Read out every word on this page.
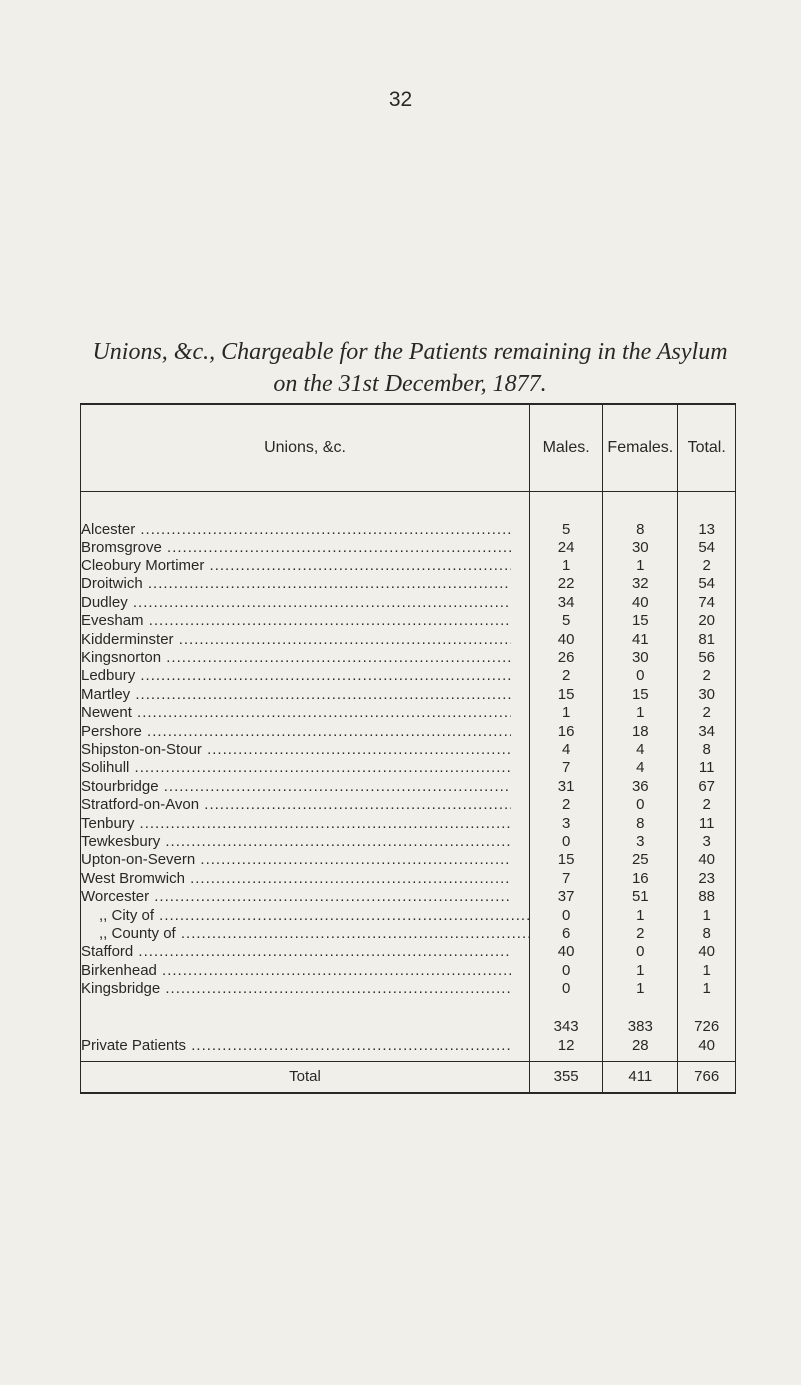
32
Unions, &c., Chargeable for the Patients remaining in the Asylum
on the 31st December, 1877.
Unions, &c.	Males.	Females.	Total.

Alcester .....	5	8	13

Bromsgrove .....	24	30	54

Cleobury Mortimer .....	1	1	2

Droitwich .....	22	32	54

Dudley .....	34	40	74

Evesham .....	5	15	20

Kidderminster .....	40	41	81

Kingsnorton .....	26	30	56

Ledbury .....	2	0	2

Martley .....	15	15	30

Newent .....	1	1	2

Pershore .....	16	18	34

Shipston-on-Stour .....	4	4	8

Solihull .....	7	4	11

Stourbridge .....	31	36	67

Stratford-on-Avon .....	2	0	2

Tenbury .....	3	8	11

Tewkesbury .....	0	3	3

Upton-on-Severn .....	15	25	40

West Bromwich .....	7	16	23

Worcester .....	37	51	88

,, City of .....	0	1	1

,, County of .....	6	2	8

Stafford .....	40	0	40

Birkenhead .....	0	1	1

Kingsbridge .....	0	1	1

	343	383	726

Private Patients .....	12	28	40
Total	355	411	766
